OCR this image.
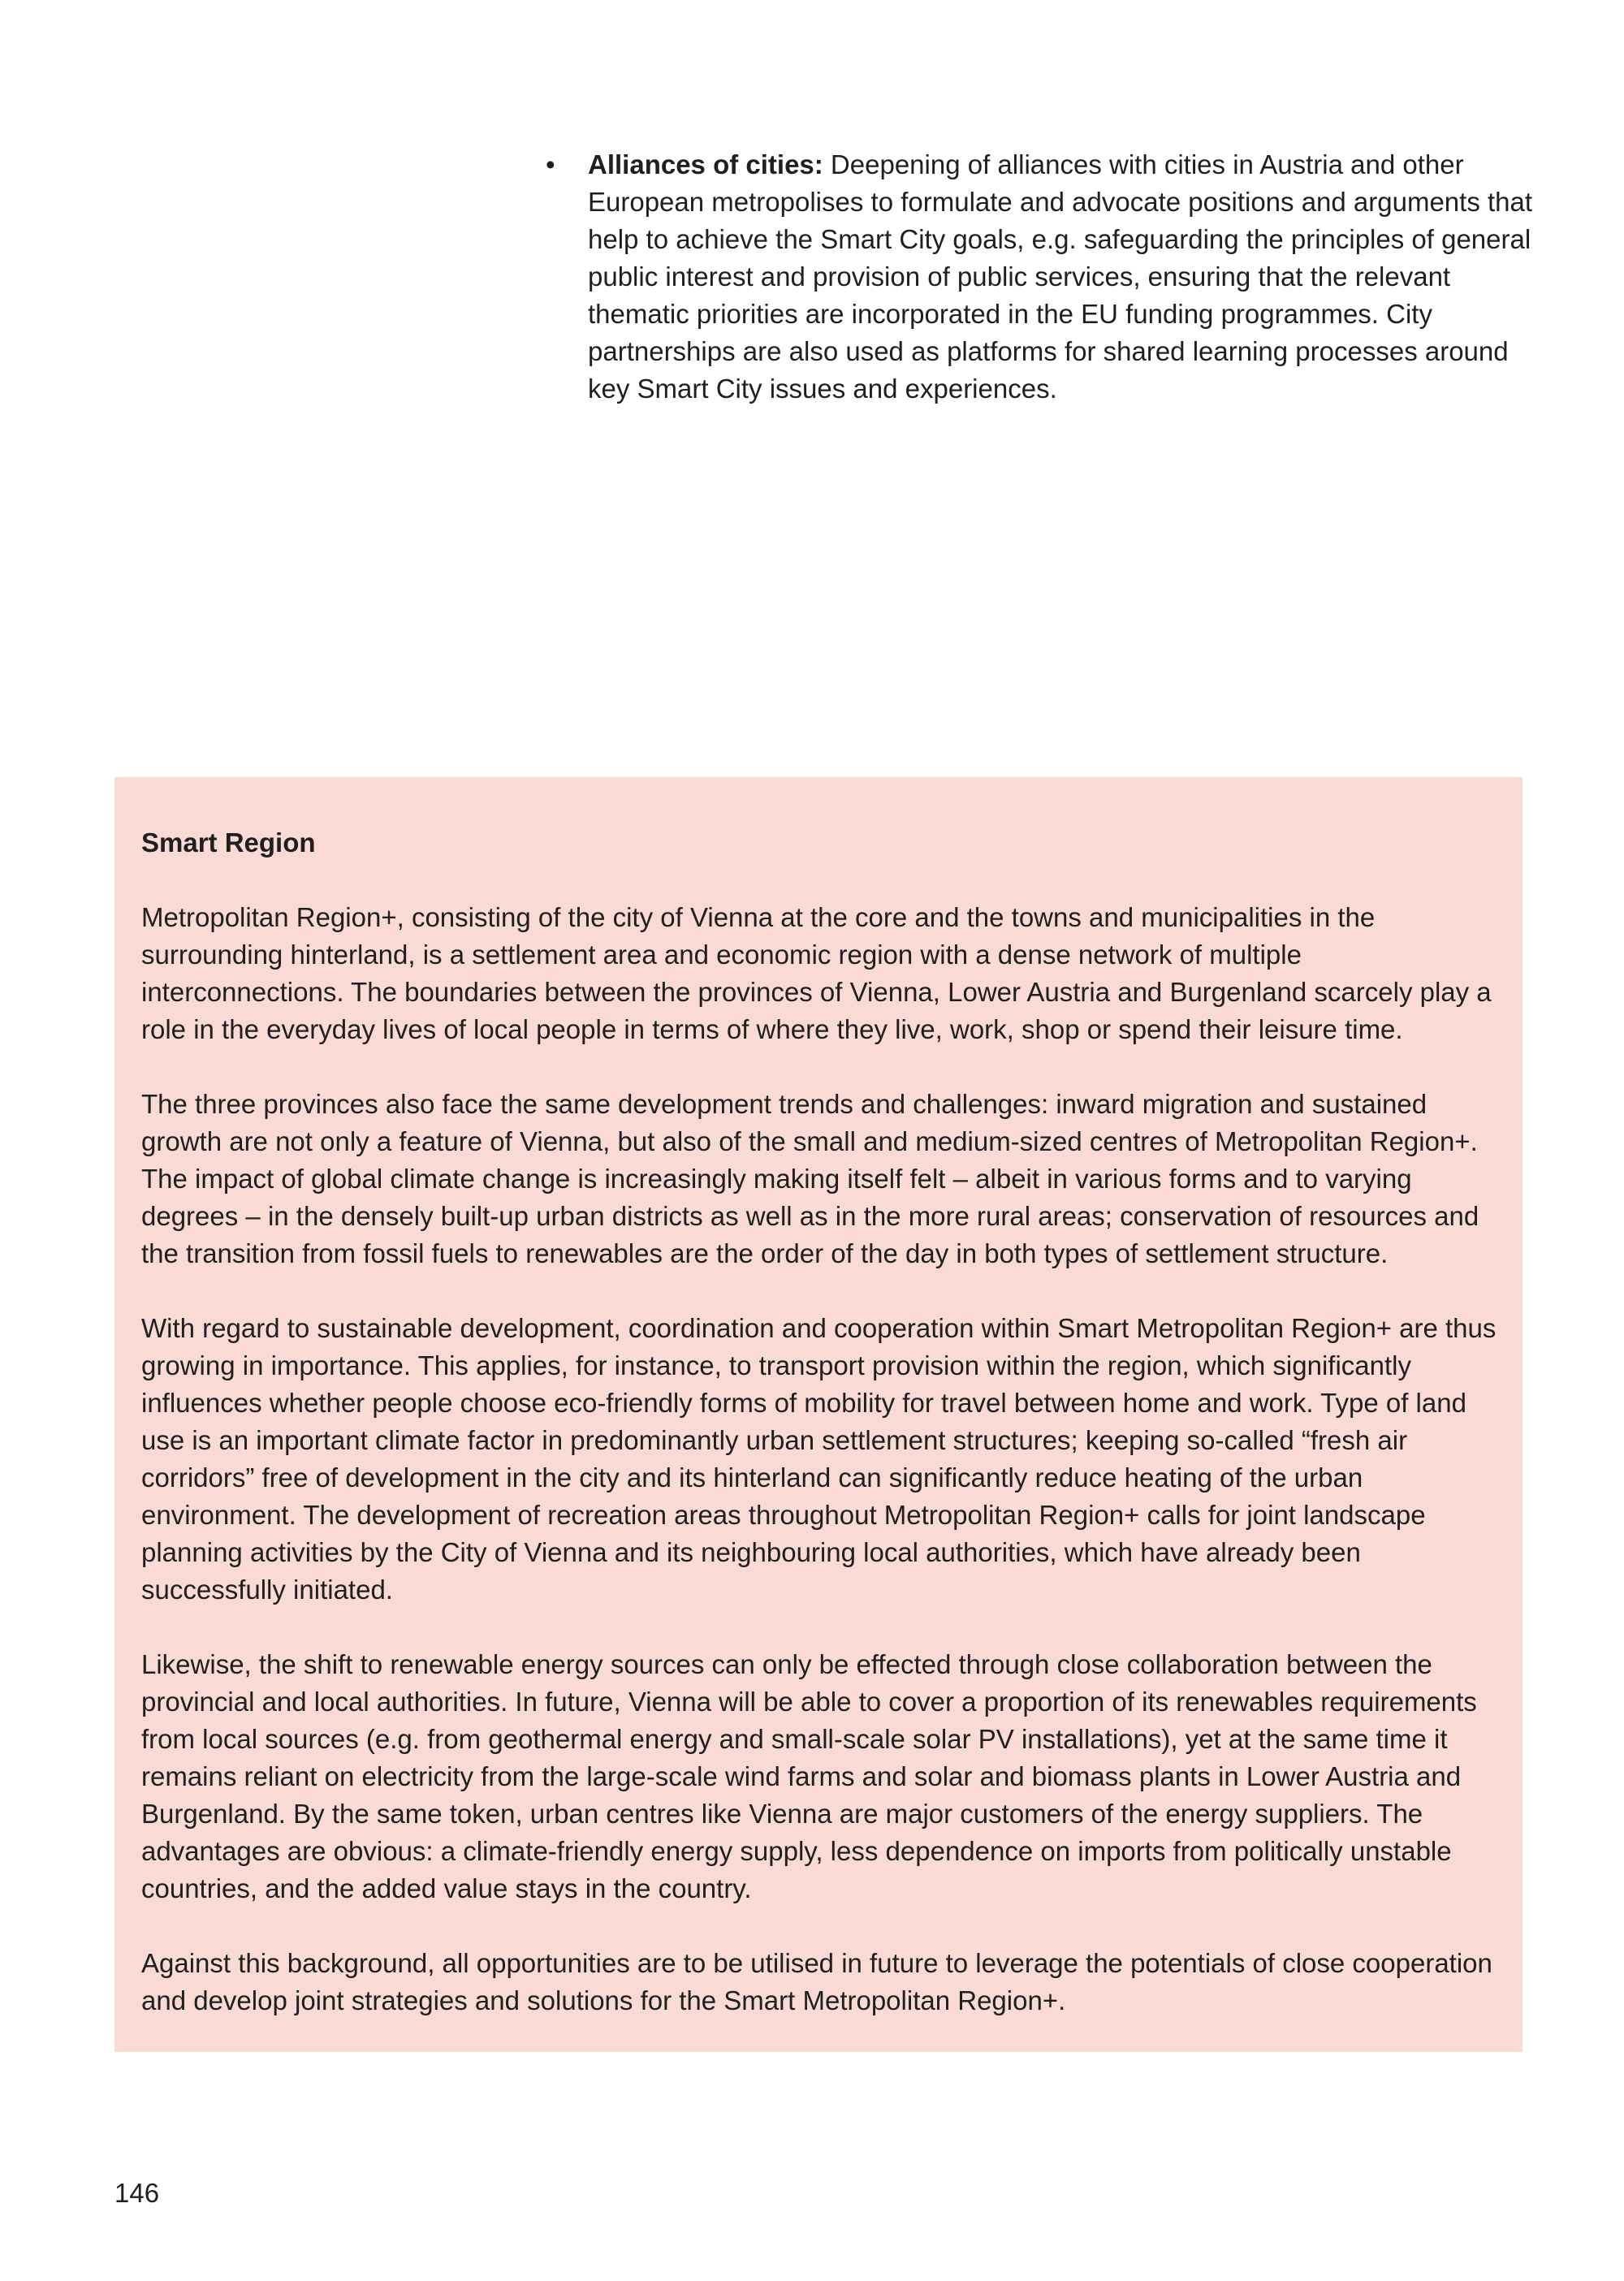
• Alliances of cities: Deepening of alliances with cities in Austria and other European metropolises to formulate and advocate positions and arguments that help to achieve the Smart City goals, e.g. safeguarding the principles of general public interest and provision of public services, ensuring that the relevant thematic priorities are incorporated in the EU funding programmes. City partnerships are also used as platforms for shared learning processes around key Smart City issues and experiences.

Smart Region

Metropolitan Region+, consisting of the city of Vienna at the core and the towns and municipalities in the surrounding hinterland, is a settlement area and economic region with a dense network of multiple interconnections. The boundaries between the provinces of Vienna, Lower Austria and Burgenland scarcely play a role in the everyday lives of local people in terms of where they live, work, shop or spend their leisure time.

The three provinces also face the same development trends and challenges: inward migration and sustained growth are not only a feature of Vienna, but also of the small and medium-sized centres of Metropolitan Region+. The impact of global climate change is increasingly making itself felt – albeit in various forms and to varying degrees – in the densely built-up urban districts as well as in the more rural areas; conservation of resources and the transition from fossil fuels to renewables are the order of the day in both types of settlement structure.

With regard to sustainable development, coordination and cooperation within Smart Metropolitan Region+ are thus growing in importance. This applies, for instance, to transport provision within the region, which significantly influences whether people choose eco-friendly forms of mobility for travel between home and work. Type of land use is an important climate factor in predominantly urban settlement structures; keeping so-called “fresh air corridors” free of development in the city and its hinterland can significantly reduce heating of the urban environment. The development of recreation areas throughout Metropolitan Region+ calls for joint landscape planning activities by the City of Vienna and its neighbouring local authorities, which have already been successfully initiated.

Likewise, the shift to renewable energy sources can only be effected through close collaboration between the provincial and local authorities. In future, Vienna will be able to cover a proportion of its renewables requirements from local sources (e.g. from geothermal energy and small-scale solar PV installations), yet at the same time it remains reliant on electricity from the large-scale wind farms and solar and biomass plants in Lower Austria and Burgenland. By the same token, urban centres like Vienna are major customers of the energy suppliers. The advantages are obvious: a climate-friendly energy supply, less dependence on imports from politically unstable countries, and the added value stays in the country.

Against this background, all opportunities are to be utilised in future to leverage the potentials of close cooperation and develop joint strategies and solutions for the Smart Metropolitan Region+.

146
